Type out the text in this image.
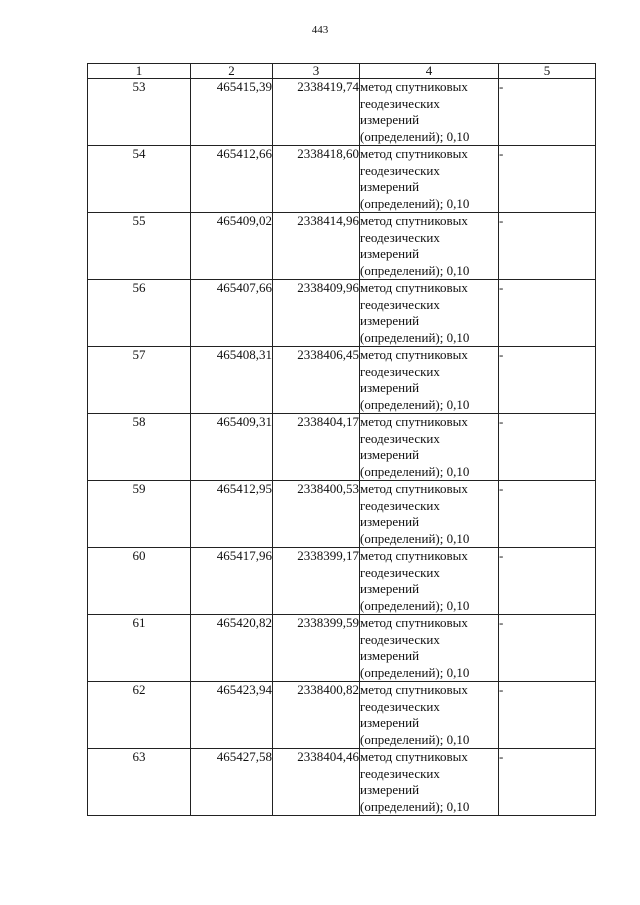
443
1	2	3	4	5
53	465415,39	2338419,74	метод спутниковых
геодезических
измерений
(определений); 0,10	-
54	465412,66	2338418,60	метод спутниковых
геодезических
измерений
(определений); 0,10	-
55	465409,02	2338414,96	метод спутниковых
геодезических
измерений
(определений); 0,10	-
56	465407,66	2338409,96	метод спутниковых
геодезических
измерений
(определений); 0,10	-
57	465408,31	2338406,45	метод спутниковых
геодезических
измерений
(определений); 0,10	-
58	465409,31	2338404,17	метод спутниковых
геодезических
измерений
(определений); 0,10	-
59	465412,95	2338400,53	метод спутниковых
геодезических
измерений
(определений); 0,10	-
60	465417,96	2338399,17	метод спутниковых
геодезических
измерений
(определений); 0,10	-
61	465420,82	2338399,59	метод спутниковых
геодезических
измерений
(определений); 0,10	-
62	465423,94	2338400,82	метод спутниковых
геодезических
измерений
(определений); 0,10	-
63	465427,58	2338404,46	метод спутниковых
геодезических
измерений
(определений); 0,10	-
